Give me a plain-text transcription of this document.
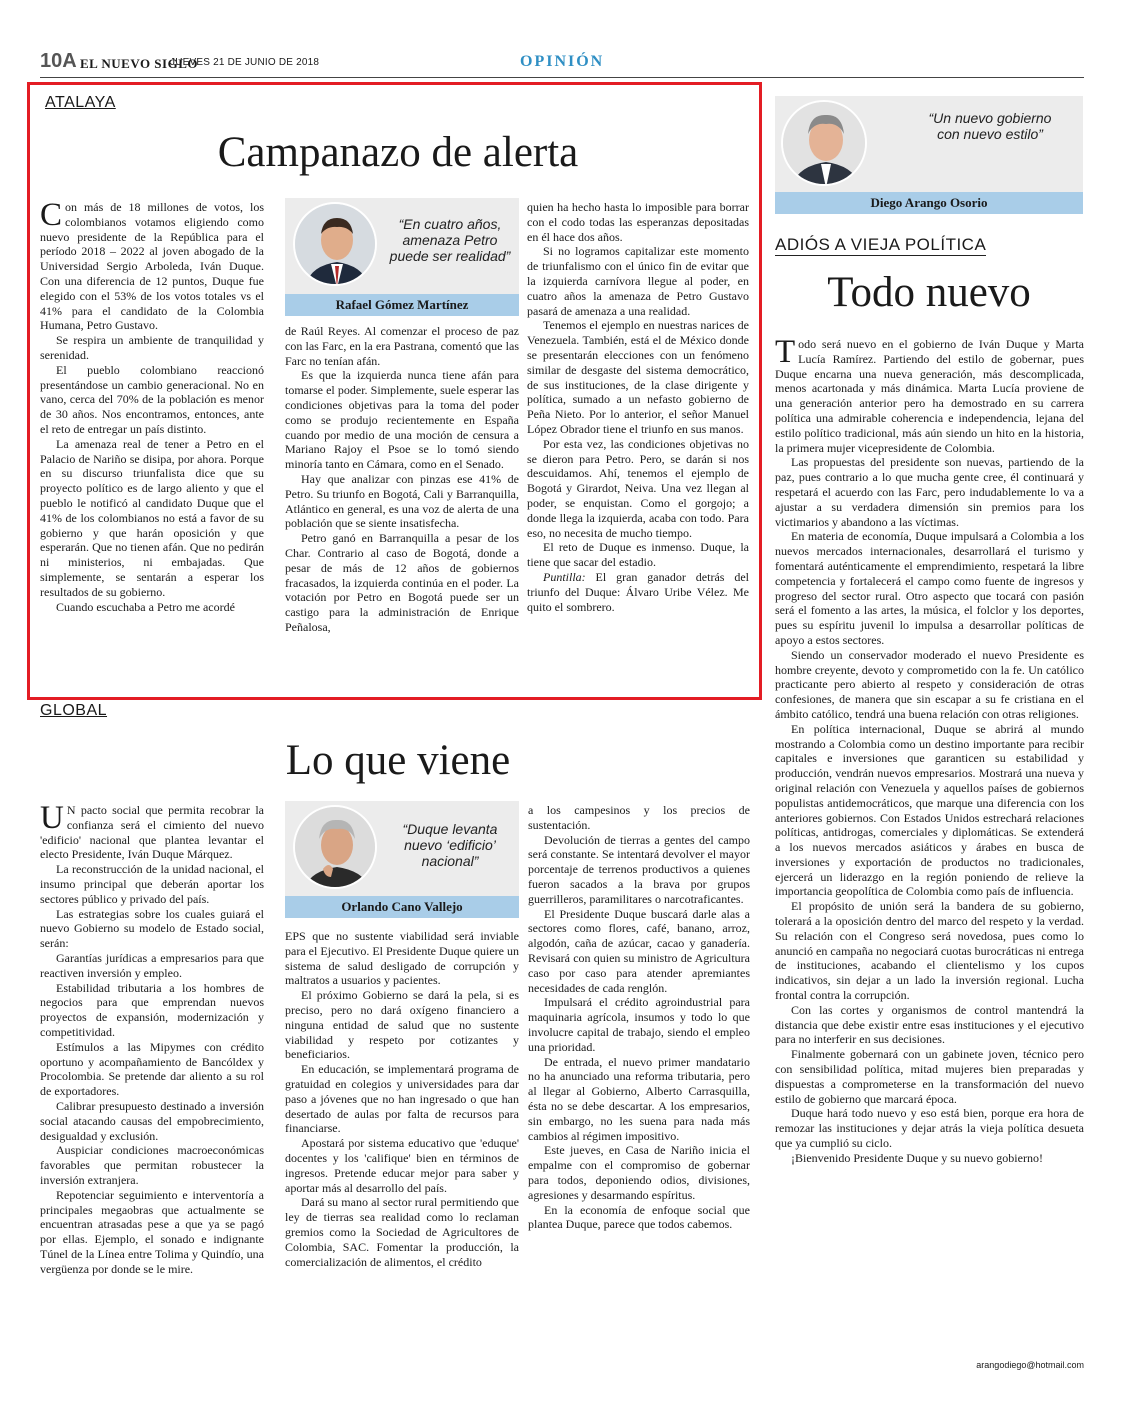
10A EL NUEVO SIGLO
JUEVES 21 DE JUNIO DE 2018	OPINIÓN
ATALAYA
Campanazo de alerta

Con más de 18 millones de votos, los colombianos votamos eligiendo como nuevo presidente de la República para el período 2018 – 2022 al joven abogado de la Universidad Sergio Arboleda, Iván Duque. Con una diferencia de 12 puntos, Duque fue elegido con el 53% de los votos totales vs el 41% para el candidato de la Colombia Humana, Petro Gustavo.

Se respira un ambiente de tranquilidad y serenidad.

El pueblo colombiano reaccionó presentándose un cambio generacional. No en vano, cerca del 70% de la población es menor de 30 años. Nos encontramos, entonces, ante el reto de entregar un país distinto.

La amenaza real de tener a Petro en el Palacio de Nariño se disipa, por ahora. Porque en su discurso triunfalista dice que su proyecto político es de largo aliento y que el pueblo le notificó al candidato Duque que el 41% de los colombianos no está a favor de su gobierno y que harán oposición y que esperarán. Que no tienen afán. Que no pedirán ni ministerios, ni embajadas. Que simplemente, se sentarán a esperar los resultados de su gobierno.

Cuando escuchaba a Petro me acordé

“En cuatro años, amenaza Petro puede ser realidad”
Rafael Gómez Martínez

de Raúl Reyes. Al comenzar el proceso de paz con las Farc, en la era Pastrana, comentó que las Farc no tenían afán.

Es que la izquierda nunca tiene afán para tomarse el poder. Simplemente, suele esperar las condiciones objetivas para la toma del poder como se produjo recientemente en España cuando por medio de una moción de censura a Mariano Rajoy el Psoe se lo tomó siendo minoría tanto en Cámara, como en el Senado.

Hay que analizar con pinzas ese 41% de Petro. Su triunfo en Bogotá, Cali y Barranquilla, Atlántico en general, es una voz de alerta de una población que se siente insatisfecha.

Petro ganó en Barranquilla a pesar de los Char. Contrario al caso de Bogotá, donde a pesar de más de 12 años de gobiernos fracasados, la izquierda continúa en el poder. La votación por Petro en Bogotá puede ser un castigo para la administración de Enrique Peñalosa,

quien ha hecho hasta lo imposible para borrar con el codo todas las esperanzas depositadas en él hace dos años.

Si no logramos capitalizar este momento de triunfalismo con el único fin de evitar que la izquierda carnívora llegue al poder, en cuatro años la amenaza de Petro Gustavo pasará de amenaza a una realidad.

Tenemos el ejemplo en nuestras narices de Venezuela. También, está el de México donde se presentarán elecciones con un fenómeno similar de desgaste del sistema democrático, de sus instituciones, de la clase dirigente y política, sumado a un nefasto gobierno de Peña Nieto. Por lo anterior, el señor Manuel López Obrador tiene el triunfo en sus manos.

Por esta vez, las condiciones objetivas no se dieron para Petro. Pero, se darán si nos descuidamos. Ahí, tenemos el ejemplo de Bogotá y Girardot, Neiva. Una vez llegan al poder, se enquistan. Como el gorgojo; a donde llega la izquierda, acaba con todo. Para eso, no necesita de mucho tiempo.

El reto de Duque es inmenso. Duque, la tiene que sacar del estadio.

Puntilla: El gran ganador detrás del triunfo del Duque: Álvaro Uribe Vélez. Me quito el sombrero.

GLOBAL
Lo que viene

U N pacto social que permita recobrar la confianza será el cimiento del nuevo 'edificio' nacional que plantea levantar el electo Presidente, Iván Duque Márquez.

La reconstrucción de la unidad nacional, el insumo principal que deberán aportar los sectores público y privado del país.

Las estrategias sobre los cuales guiará el nuevo Gobierno su modelo de Estado social, serán:

Garantías jurídicas a empresarios para que reactiven inversión y empleo.

Estabilidad tributaria a los hombres de negocios para que emprendan nuevos proyectos de expansión, modernización y competitividad.

Estímulos a las Mipymes con crédito oportuno y acompañamiento de Bancóldex y Procolombia. Se pretende dar aliento a su rol de exportadores.

Calibrar presupuesto destinado a inversión social atacando causas del empobrecimiento, desigualdad y exclusión.

Auspiciar condiciones macroeconómicas favorables que permitan robustecer la inversión extranjera.

Repotenciar seguimiento e interventoría a principales megaobras que actualmente se encuentran atrasadas pese a que ya se pagó por ellas. Ejemplo, el sonado e indignante Túnel de la Línea entre Tolima y Quindío, una vergüenza por donde se le mire.

“Duque levanta nuevo ‘edificio’ nacional”
Orlando Cano Vallejo

EPS que no sustente viabilidad será inviable para el Ejecutivo. El Presidente Duque quiere un sistema de salud desligado de corrupción y maltratos a usuarios y pacientes.

El próximo Gobierno se dará la pela, si es preciso, pero no dará oxígeno financiero a ninguna entidad de salud que no sustente viabilidad y respeto por cotizantes y beneficiarios.

En educación, se implementará programa de gratuidad en colegios y universidades para dar paso a jóvenes que no han ingresado o que han desertado de aulas por falta de recursos para financiarse.

Apostará por sistema educativo que 'eduque' docentes y los 'califique' bien en términos de ingresos. Pretende educar mejor para saber y aportar más al desarrollo del país.

Dará su mano al sector rural permitiendo que ley de tierras sea realidad como lo reclaman gremios como la Sociedad de Agricultores de Colombia, SAC. Fomentar la producción, la comercialización de alimentos, el crédito

a los campesinos y los precios de sustentación.

Devolución de tierras a gentes del campo será constante. Se intentará devolver el mayor porcentaje de terrenos productivos a quienes fueron sacados a la brava por grupos guerrilleros, paramilitares o narcotraficantes.

El Presidente Duque buscará darle alas a sectores como flores, café, banano, arroz, algodón, caña de azúcar, cacao y ganadería. Revisará con quien su ministro de Agricultura caso por caso para atender apremiantes necesidades de cada renglón.

Impulsará el crédito agroindustrial para maquinaria agrícola, insumos y todo lo que involucre capital de trabajo, siendo el empleo una prioridad.

De entrada, el nuevo primer mandatario no ha anunciado una reforma tributaria, pero al llegar al Gobierno, Alberto Carrasquilla, ésta no se debe descartar. A los empresarios, sin embargo, no les suena para nada más cambios al régimen impositivo.

Este jueves, en Casa de Nariño inicia el empalme con el compromiso de gobernar para todos, deponiendo odios, divisiones, agresiones y desarmando espíritus.

En la economía de enfoque social que plantea Duque, parece que todos cabemos.

“Un nuevo gobierno con nuevo estilo”
Diego Arango Osorio
ADIÓS A VIEJA POLÍTICA
Todo nuevo

Todo será nuevo en el gobierno de Iván Duque y Marta Lucía Ramírez. Partiendo del estilo de gobernar, pues Duque encarna una nueva generación, más descomplicada, menos acartonada y más dinámica. Marta Lucía proviene de una generación anterior pero ha demostrado en su carrera política una admirable coherencia e independencia, lejana del estilo político tradicional, más aún siendo un hito en la historia, la primera mujer vicepresidente de Colombia.

Las propuestas del presidente son nuevas, partiendo de la paz, pues contrario a lo que mucha gente cree, él continuará y respetará el acuerdo con las Farc, pero indudablemente lo va a ajustar a su verdadera dimensión sin premios para los victimarios y abandono a las víctimas.

En materia de economía, Duque impulsará a Colombia a los nuevos mercados internacionales, desarrollará el turismo y fomentará auténticamente el emprendimiento, respetará la libre competencia y fortalecerá el campo como fuente de ingresos y progreso del sector rural. Otro aspecto que tocará con pasión será el fomento a las artes, la música, el folclor y los deportes, pues su espíritu juvenil lo impulsa a desarrollar políticas de apoyo a estos sectores.

Siendo un conservador moderado el nuevo Presidente es hombre creyente, devoto y comprometido con la fe. Un católico practicante pero abierto al respeto y consideración de otras confesiones, de manera que sin escapar a su fe cristiana en el ámbito católico, tendrá una buena relación con otras religiones.

En política internacional, Duque se abrirá al mundo mostrando a Colombia como un destino importante para recibir capitales e inversiones que garanticen su estabilidad y producción, vendrán nuevos empresarios. Mostrará una nueva y original relación con Venezuela y aquellos países de gobiernos populistas antidemocráticos, que marque una diferencia con los anteriores gobiernos. Con Estados Unidos estrechará relaciones políticas, antidrogas, comerciales y diplomáticas. Se extenderá a los nuevos mercados asiáticos y árabes en busca de inversiones y exportación de productos no tradicionales, ejercerá un liderazgo en la región poniendo de relieve la importancia geopolítica de Colombia como país de influencia.

El propósito de unión será la bandera de su gobierno, tolerará a la oposición dentro del marco del respeto y la verdad. Su relación con el Congreso será novedosa, pues como lo anunció en campaña no negociará cuotas burocráticas ni entrega de instituciones, acabando el clientelismo y los cupos indicativos, sin dejar a un lado la inversión regional. Lucha frontal contra la corrupción.

Con las cortes y organismos de control mantendrá la distancia que debe existir entre esas instituciones y el ejecutivo para no interferir en sus decisiones.

Finalmente gobernará con un gabinete joven, técnico pero con sensibilidad política, mitad mujeres bien preparadas y dispuestas a comprometerse en la transformación del nuevo estilo de gobierno que marcará época.

Duque hará todo nuevo y eso está bien, porque era hora de remozar las instituciones y dejar atrás la vieja política desueta que ya cumplió su ciclo.

¡Bienvenido Presidente Duque y su nuevo gobierno!

arangodiego@hotmail.com
